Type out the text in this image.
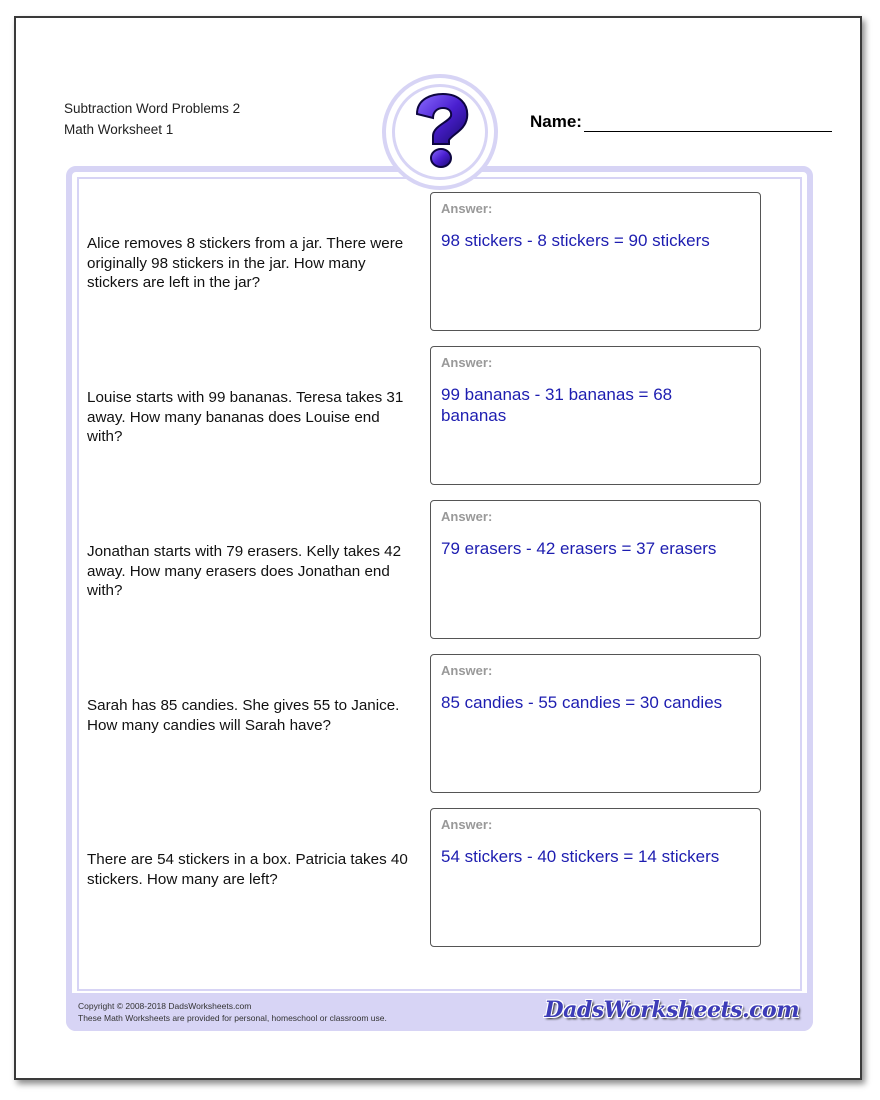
Subtraction Word Problems 2
Math Worksheet 1	Name:
Alice removes 8 stickers from a jar. There were originally 98 stickers in the jar. How many stickers are left in the jar?
Answer:
98 stickers - 8 stickers = 90 stickers
Louise starts with 99 bananas. Teresa takes 31 away. How many bananas does Louise end with?
Answer:
99 bananas - 31 bananas = 68 bananas
Jonathan starts with 79 erasers. Kelly takes 42 away. How many erasers does Jonathan end with?
Answer:
79 erasers - 42 erasers = 37 erasers
Sarah has 85 candies. She gives 55 to Janice. How many candies will Sarah have?
Answer:
85 candies - 55 candies = 30 candies
There are 54 stickers in a box. Patricia takes 40 stickers. How many are left?
Answer:
54 stickers - 40 stickers = 14 stickers
Copyright © 2008-2018 DadsWorksheets.com
These Math Worksheets are provided for personal, homeschool or classroom use.	DadsWorksheets.com
